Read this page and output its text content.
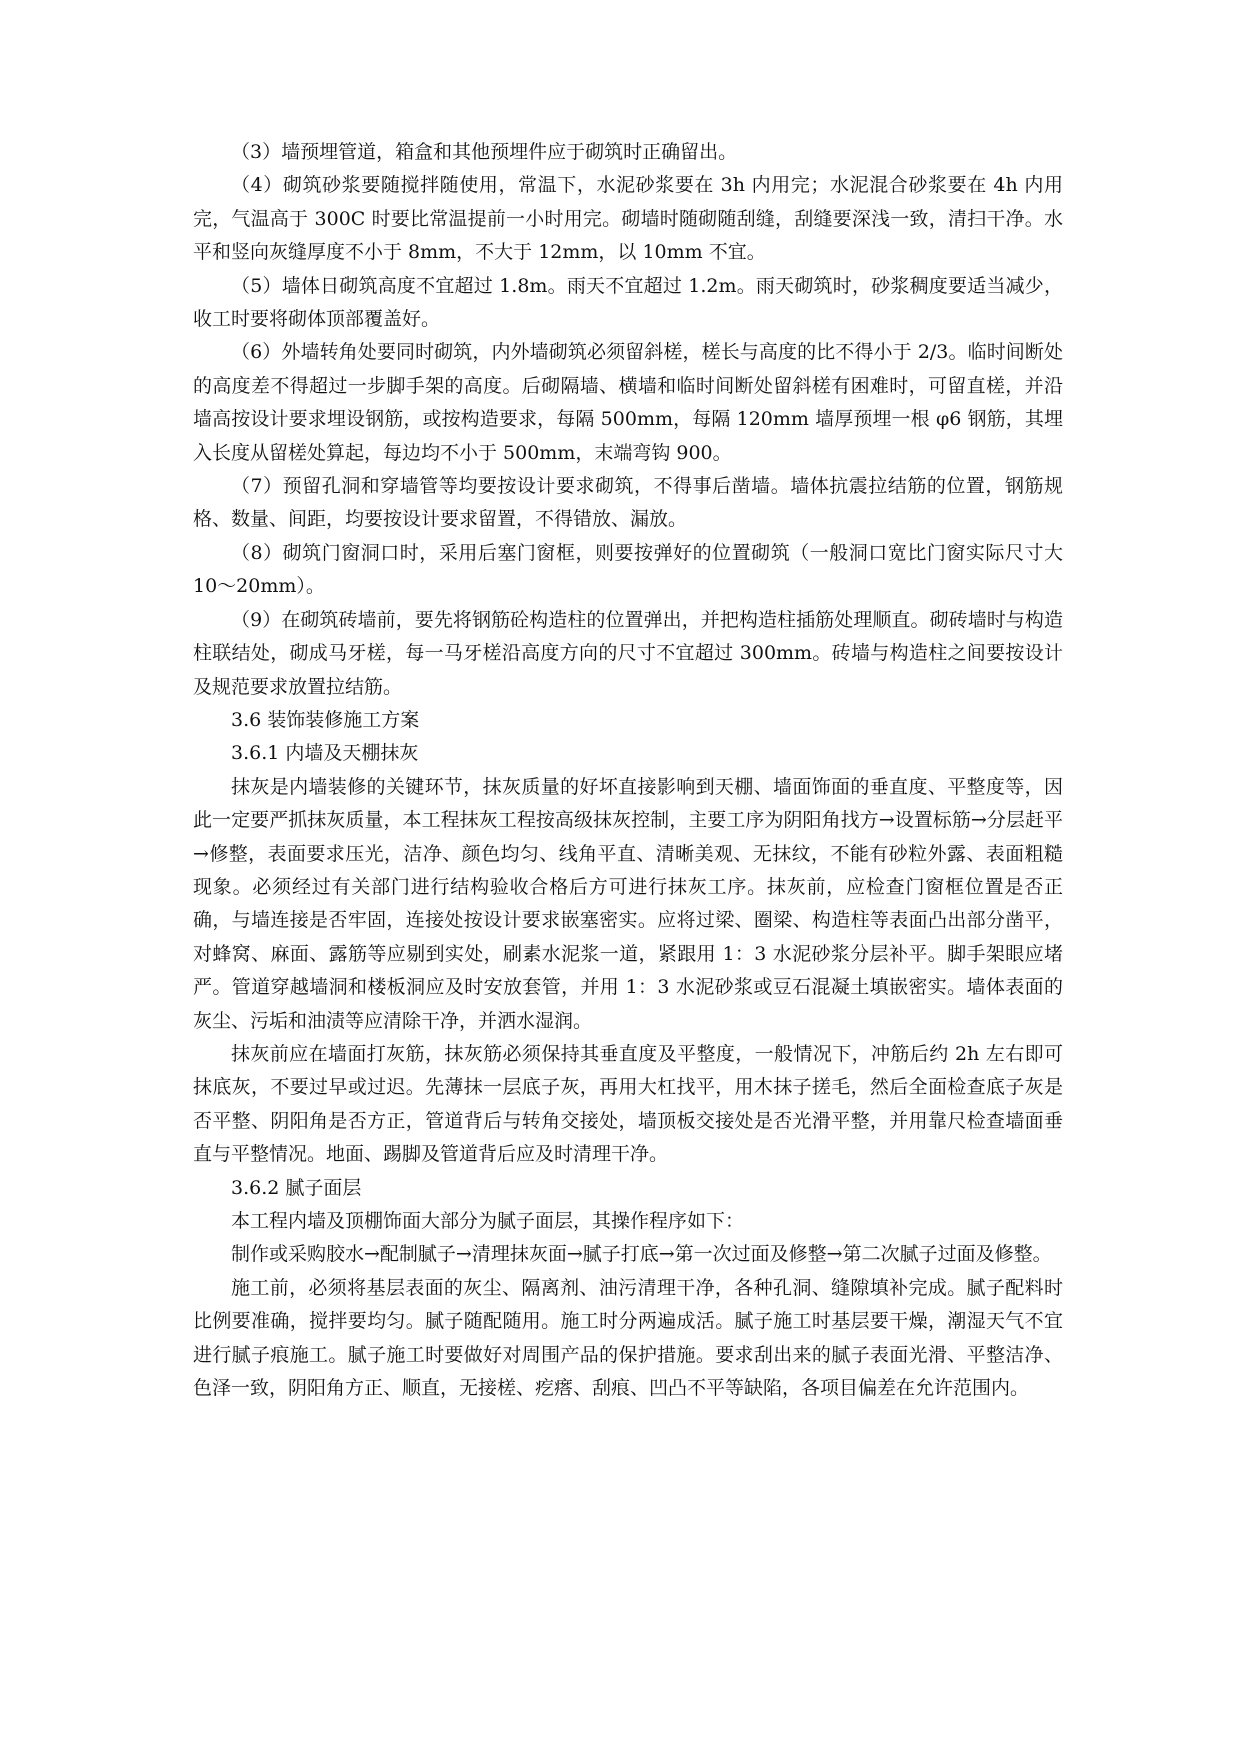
（3）墙预埋管道，箱盒和其他预埋件应于砌筑时正确留出。

（4）砌筑砂浆要随搅拌随使用，常温下，水泥砂浆要在 3h 内用完；水泥混合砂浆要在 4h 内用完，气温高于 300C 时要比常温提前一小时用完。砌墙时随砌随刮缝，刮缝要深浅一致，清扫干净。水平和竖向灰缝厚度不小于 8mm，不大于 12mm，以 10mm 不宜。

（5）墙体日砌筑高度不宜超过 1.8m。雨天不宜超过 1.2m。雨天砌筑时，砂浆稠度要适当减少，收工时要将砌体顶部覆盖好。

（6）外墙转角处要同时砌筑，内外墙砌筑必须留斜槎，槎长与高度的比不得小于 2/3。临时间断处的高度差不得超过一步脚手架的高度。后砌隔墙、横墙和临时间断处留斜槎有困难时，可留直槎，并沿墙高按设计要求埋设钢筋，或按构造要求，每隔 500mm，每隔 120mm 墙厚预埋一根 φ6 钢筋，其埋入长度从留槎处算起，每边均不小于 500mm，末端弯钩 900。

（7）预留孔洞和穿墙管等均要按设计要求砌筑，不得事后凿墙。墙体抗震拉结筋的位置，钢筋规格、数量、间距，均要按设计要求留置，不得错放、漏放。

（8）砌筑门窗洞口时，采用后塞门窗框，则要按弹好的位置砌筑（一般洞口宽比门窗实际尺寸大 10～20mm）。

（9）在砌筑砖墙前，要先将钢筋砼构造柱的位置弹出，并把构造柱插筋处理顺直。砌砖墙时与构造柱联结处，砌成马牙槎，每一马牙槎沿高度方向的尺寸不宜超过 300mm。砖墙与构造柱之间要按设计及规范要求放置拉结筋。

3.6 装饰装修施工方案

3.6.1 内墙及天棚抹灰

抹灰是内墙装修的关键环节，抹灰质量的好坏直接影响到天棚、墙面饰面的垂直度、平整度等，因此一定要严抓抹灰质量，本工程抹灰工程按高级抹灰控制，主要工序为阴阳角找方→设置标筋→分层赶平→修整，表面要求压光，洁净、颜色均匀、线角平直、清晰美观、无抹纹，不能有砂粒外露、表面粗糙现象。必须经过有关部门进行结构验收合格后方可进行抹灰工序。抹灰前，应检查门窗框位置是否正确，与墙连接是否牢固，连接处按设计要求嵌塞密实。应将过梁、圈梁、构造柱等表面凸出部分凿平，对蜂窝、麻面、露筋等应剔到实处，刷素水泥浆一道，紧跟用 1：3 水泥砂浆分层补平。脚手架眼应堵严。管道穿越墙洞和楼板洞应及时安放套管，并用 1：3 水泥砂浆或豆石混凝土填嵌密实。墙体表面的灰尘、污垢和油渍等应清除干净，并洒水湿润。

抹灰前应在墙面打灰筋，抹灰筋必须保持其垂直度及平整度，一般情况下，冲筋后约 2h 左右即可抹底灰，不要过早或过迟。先薄抹一层底子灰，再用大杠找平，用木抹子搓毛，然后全面检查底子灰是否平整、阴阳角是否方正，管道背后与转角交接处，墙顶板交接处是否光滑平整，并用靠尺检查墙面垂直与平整情况。地面、踢脚及管道背后应及时清理干净。

3.6.2 腻子面层

本工程内墙及顶棚饰面大部分为腻子面层，其操作程序如下：

制作或采购胶水→配制腻子→清理抹灰面→腻子打底→第一次过面及修整→第二次腻子过面及修整。

施工前，必须将基层表面的灰尘、隔离剂、油污清理干净，各种孔洞、缝隙填补完成。腻子配料时比例要准确，搅拌要均匀。腻子随配随用。施工时分两遍成活。腻子施工时基层要干燥，潮湿天气不宜进行腻子痕施工。腻子施工时要做好对周围产品的保护措施。要求刮出来的腻子表面光滑、平整洁净、色泽一致，阴阳角方正、顺直，无接槎、疙瘩、刮痕、凹凸不平等缺陷，各项目偏差在允许范围内。
